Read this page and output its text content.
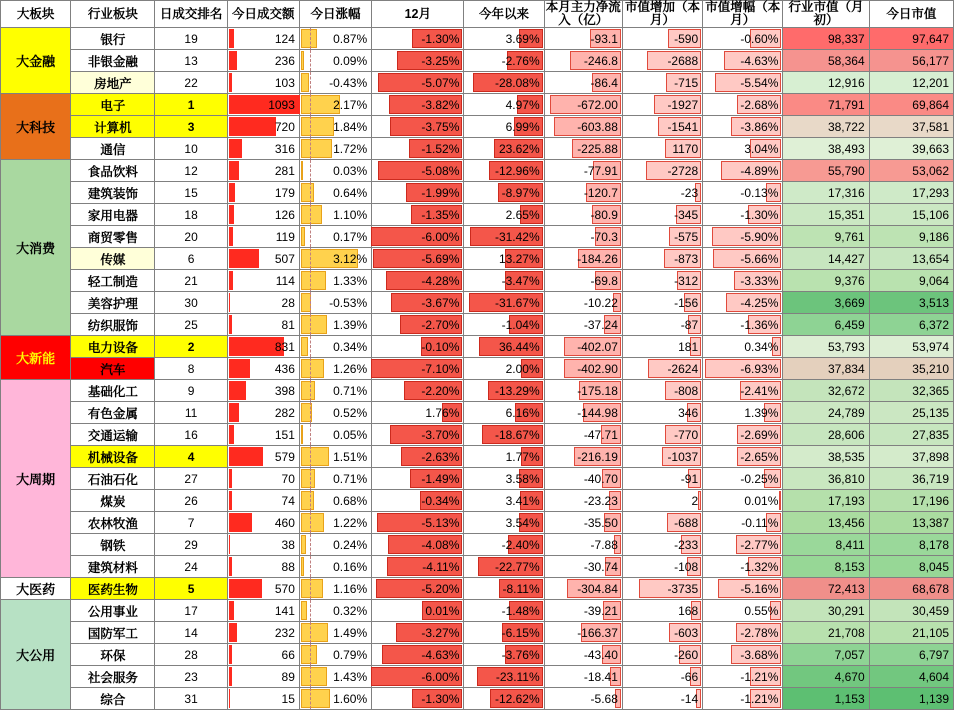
大板块	行业板块	日成交排名	今日成交额	今日涨幅	12月	今年以来	本月主力净流入（亿）	市值增加（本月）	市值增幅（本月）	行业市值（月初）	今日市值
大金融	银行	19	124	0.87%	-1.30%	3.69%	-93.1	-590	-0.60%	98,337	97,647
	非银金融	13	236	0.09%	-3.25%	-2.76%	-246.8	-2688	-4.63%	58,364	56,177
	房地产	22	103	-0.43%	-5.07%	-28.08%	-86.4	-715	-5.54%	12,916	12,201
大科技	电子	1	1093	2.17%	-3.82%	4.97%	-672.00	-1927	-2.68%	71,791	69,864
	计算机	3	720	1.84%	-3.75%	6.99%	-603.88	-1541	-3.86%	38,722	37,581
	通信	10	316	1.72%	-1.52%	23.62%	-225.88	1170	3.04%	38,493	39,663
大消费	食品饮料	12	281	0.03%	-5.08%	-12.96%	-77.91	-2728	-4.89%	55,790	53,062
	建筑装饰	15	179	0.64%	-1.99%	-8.97%	-120.7	-23	-0.13%	17,316	17,293
	家用电器	18	126	1.10%	-1.35%	2.65%	-80.9	-345	-1.30%	15,351	15,106
	商贸零售	20	119	0.17%	-6.00%	-31.42%	-70.3	-575	-5.90%	9,761	9,186
	传媒	6	507	3.12%	-5.69%	13.27%	-184.26	-873	-5.66%	14,427	13,654
	轻工制造	21	114	1.33%	-4.28%	-3.47%	-69.8	-312	-3.33%	9,376	9,064
	美容护理	30	28	-0.53%	-3.67%	-31.67%	-10.22	-156	-4.25%	3,669	3,513
	纺织服饰	25	81	1.39%	-2.70%	-1.04%	-37.24	-87	-1.36%	6,459	6,372
大新能	电力设备	2	831	0.34%	-0.10%	36.44%	-402.07	181	0.34%	53,793	53,974
	汽车	8	436	1.26%	-7.10%	2.00%	-402.90	-2624	-6.93%	37,834	35,210
大周期	基础化工	9	398	0.71%	-2.20%	-13.29%	-175.18	-808	-2.41%	32,672	32,365
	有色金属	11	282	0.52%	1.76%	6.16%	-144.98	346	1.39%	24,789	25,135
	交通运输	16	151	0.05%	-3.70%	-18.67%	-47.71	-770	-2.69%	28,606	27,835
	机械设备	4	579	1.51%	-2.63%	1.77%	-216.19	-1037	-2.65%	38,535	37,898
	石油石化	27	70	0.71%	-1.49%	3.58%	-40.70	-91	-0.25%	36,810	36,719
	煤炭	26	74	0.68%	-0.34%	3.41%	-23.23	2	0.01%	17,193	17,196
	农林牧渔	7	460	1.22%	-5.13%	3.54%	-35.50	-688	-0.11%	13,456	13,387
	钢铁	29	38	0.24%	-4.08%	-2.40%	-7.88	-233	-2.77%	8,411	8,178
	建筑材料	24	88	0.16%	-4.11%	-22.77%	-30.74	-108	-1.32%	8,153	8,045
大医药	医药生物	5	570	1.16%	-5.20%	-8.11%	-304.84	-3735	-5.16%	72,413	68,678
大公用	公用事业	17	141	0.32%	0.01%	-1.48%	-39.21	168	0.55%	30,291	30,459
	国防军工	14	232	1.49%	-3.27%	-6.15%	-166.37	-603	-2.78%	21,708	21,105
	环保	28	66	0.79%	-4.63%	-3.76%	-43.40	-260	-3.68%	7,057	6,797
	社会服务	23	89	1.43%	-6.00%	-23.11%	-18.41	-66	-1.21%	4,670	4,604
	综合	31	15	1.60%	-1.30%	-12.62%	-5.68	-14	-1.21%	1,153	1,139
